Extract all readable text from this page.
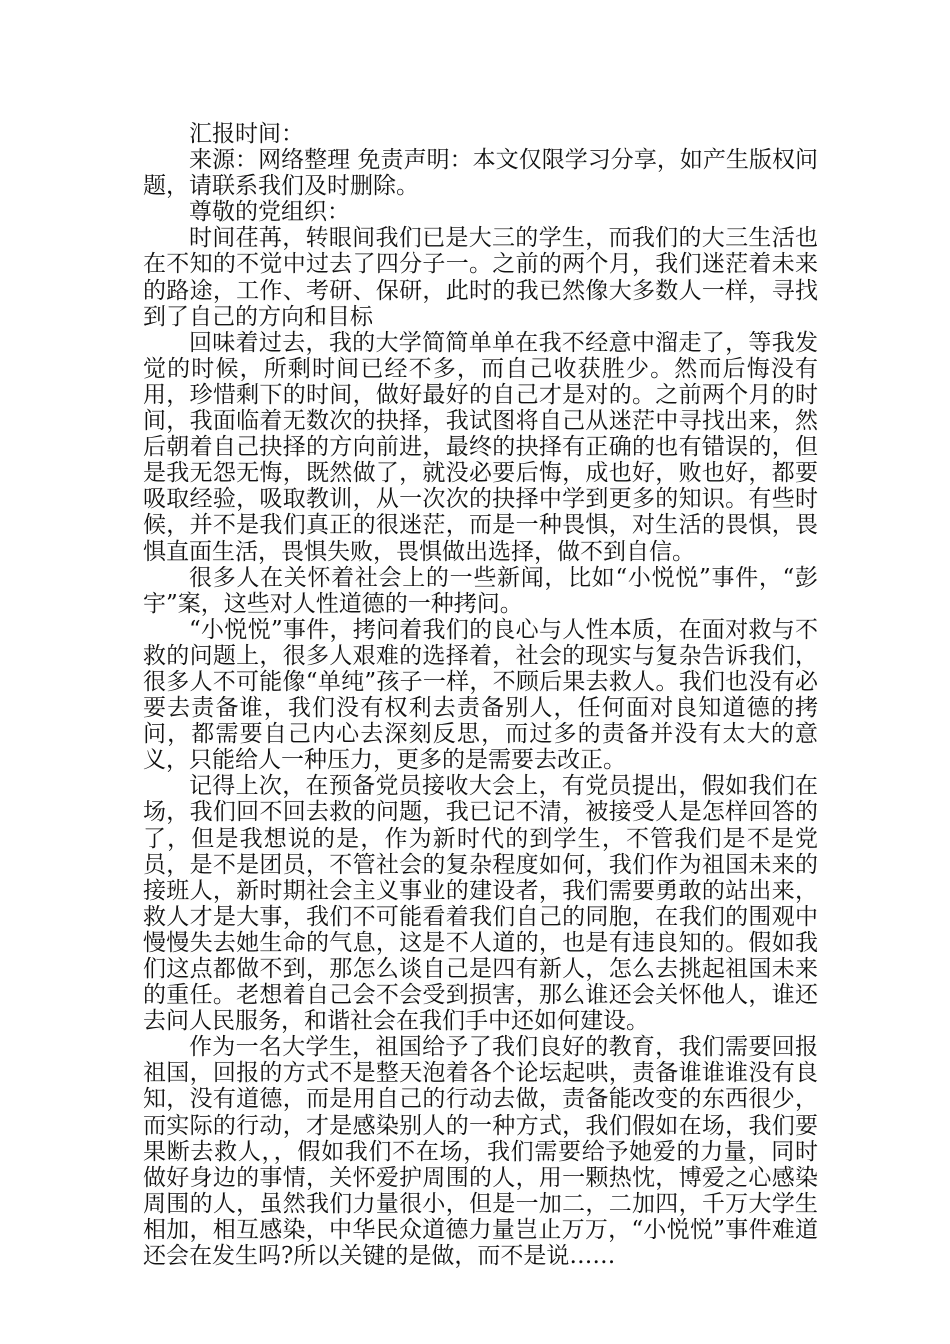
汇报时间：

来源：网络整理 免责声明：本文仅限学习分享，如产生版权问题，请联系我们及时删除。

尊敬的党组织：

时间荏苒，转眼间我们已是大三的学生，而我们的大三生活也在不知的不觉中过去了四分子一。之前的两个月，我们迷茫着未来的路途，工作、考研、保研，此时的我已然像大多数人一样，寻找到了自己的方向和目标

回味着过去，我的大学简简单单在我不经意中溜走了，等我发觉的时候，所剩时间已经不多，而自己收获胜少。然而后悔没有用，珍惜剩下的时间，做好最好的自己才是对的。之前两个月的时间，我面临着无数次的抉择，我试图将自己从迷茫中寻找出来，然后朝着自己抉择的方向前进，最终的抉择有正确的也有错误的，但是我无怨无悔，既然做了，就没必要后悔，成也好，败也好，都要吸取经验，吸取教训，从一次次的抉择中学到更多的知识。有些时候，并不是我们真正的很迷茫，而是一种畏惧，对生活的畏惧，畏惧直面生活，畏惧失败，畏惧做出选择，做不到自信。

很多人在关怀着社会上的一些新闻，比如“小悦悦”事件，“彭宇”案，这些对人性道德的一种拷问。

“小悦悦”事件，拷问着我们的良心与人性本质，在面对救与不救的问题上，很多人艰难的选择着，社会的现实与复杂告诉我们，很多人不可能像“单纯”孩子一样，不顾后果去救人。我们也没有必要去责备谁，我们没有权利去责备别人，任何面对良知道德的拷问，都需要自己内心去深刻反思，而过多的责备并没有太大的意义，只能给人一种压力，更多的是需要去改正。

记得上次，在预备党员接收大会上，有党员提出，假如我们在场，我们回不回去救的问题，我已记不清，被接受人是怎样回答的了，但是我想说的是，作为新时代的到学生，不管我们是不是党员，是不是团员，不管社会的复杂程度如何，我们作为祖国未来的接班人，新时期社会主义事业的建设者，我们需要勇敢的站出来，救人才是大事，我们不可能看着我们自己的同胞，在我们的围观中慢慢失去她生命的气息，这是不人道的，也是有违良知的。假如我们这点都做不到，那怎么谈自己是四有新人，怎么去挑起祖国未来的重任。老想着自己会不会受到损害，那么谁还会关怀他人，谁还去问人民服务，和谐社会在我们手中还如何建设。

作为一名大学生，祖国给予了我们良好的教育，我们需要回报祖国，回报的方式不是整天泡着各个论坛起哄，责备谁谁谁没有良知，没有道德，而是用自己的行动去做，责备能改变的东西很少，而实际的行动，才是感染别人的一种方式，我们假如在场，我们要果断去救人，，假如我们不在场，我们需要给予她爱的力量，同时做好身边的事情，关怀爱护周围的人，用一颗热忱，博爱之心感染周围的人，虽然我们力量很小，但是一加二，二加四，千万大学生相加，相互感染，中华民众道德力量岂止万万，“小悦悦”事件难道还会在发生吗?所以关键的是做，而不是说……
